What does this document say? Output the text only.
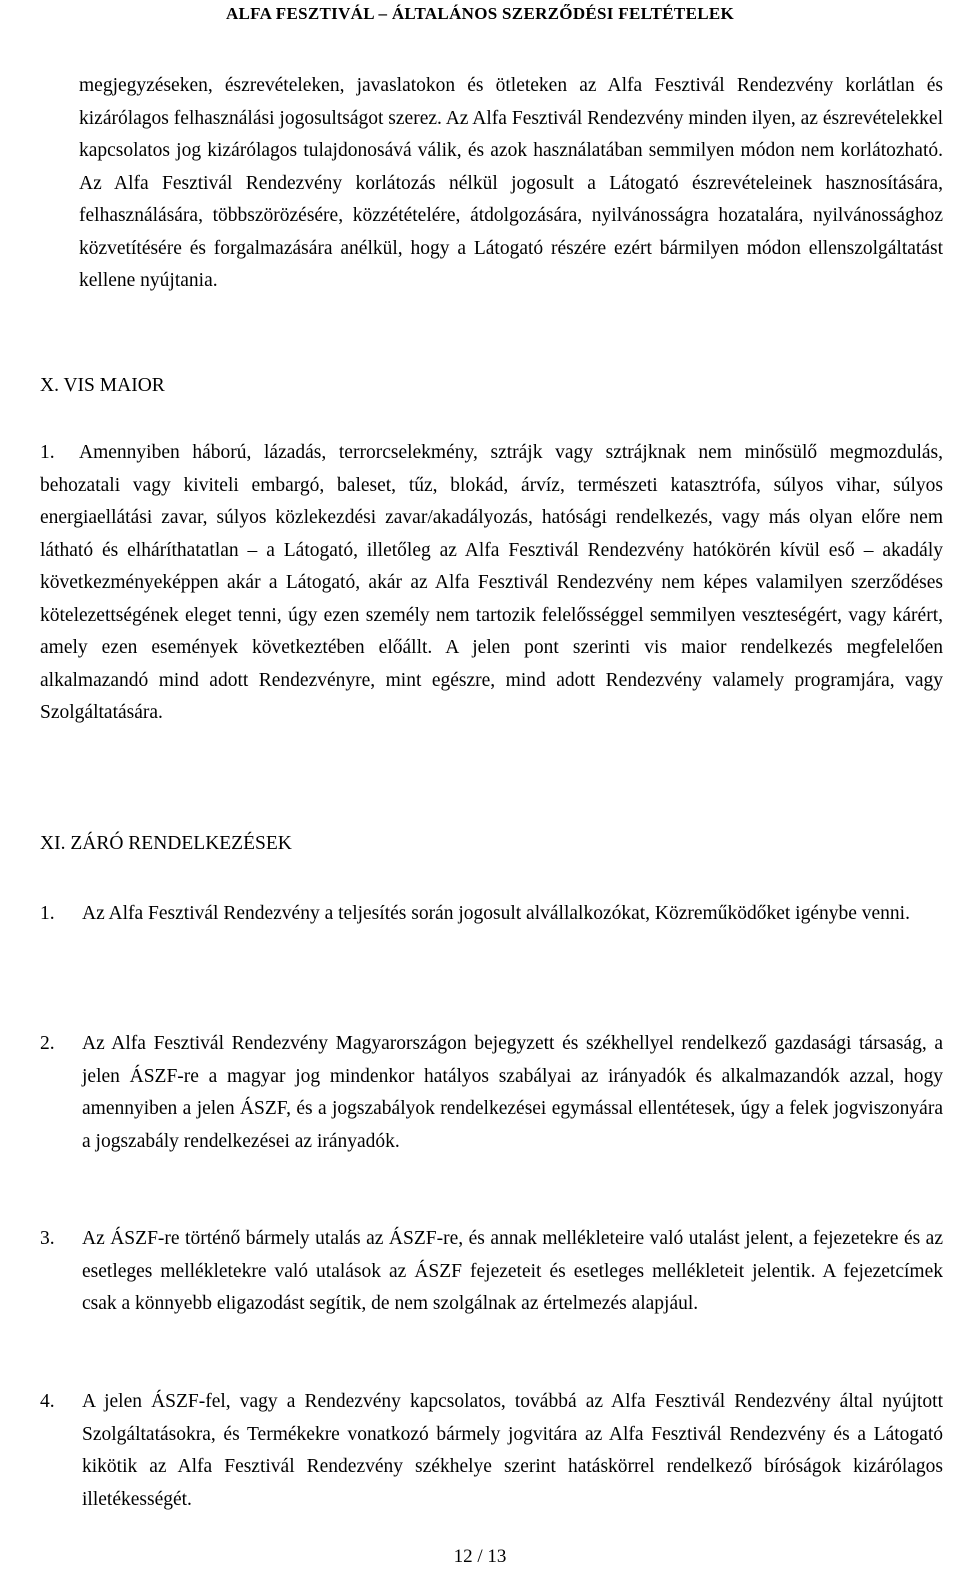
ALFA FESZTIVÁL – ÁLTALÁNOS SZERZŐDÉSI FELTÉTELEK
megjegyzéseken, észrevételeken, javaslatokon és ötleteken az Alfa Fesztivál Rendezvény korlátlan és kizárólagos felhasználási jogosultságot szerez. Az Alfa Fesztivál Rendezvény minden ilyen, az észrevételekkel kapcsolatos jog kizárólagos tulajdonosává válik, és azok használatában semmilyen módon nem korlátozható. Az Alfa Fesztivál Rendezvény korlátozás nélkül jogosult a Látogató észrevételeinek hasznosítására, felhasználására, többszörözésére, közzétételére, átdolgozására, nyilvánosságra hozatalára, nyilvánossághoz közvetítésére és forgalmazására anélkül, hogy a Látogató részére ezért bármilyen módon ellenszolgáltatást kellene nyújtania.
X. VIS MAIOR
1. Amennyiben háború, lázadás, terrorcselekmény, sztrájk vagy sztrájknak nem minősülő megmozdulás, behozatali vagy kiviteli embargó, baleset, tűz, blokád, árvíz, természeti katasztrófa, súlyos vihar, súlyos energiaellátási zavar, súlyos közlekezdési zavar/akadályozás, hatósági rendelkezés, vagy más olyan előre nem látható és elháríthatatlan – a Látogató, illetőleg az Alfa Fesztivál Rendezvény hatókörén kívül eső – akadály következményeképpen akár a Látogató, akár az Alfa Fesztivál Rendezvény nem képes valamilyen szerződéses kötelezettségének eleget tenni, úgy ezen személy nem tartozik felelősséggel semmilyen veszteségért, vagy kárért, amely ezen események következtében előállt. A jelen pont szerinti vis maior rendelkezés megfelelően alkalmazandó mind adott Rendezvényre, mint egészre, mind adott Rendezvény valamely programjára, vagy Szolgáltatására.
XI. ZÁRÓ RENDELKEZÉSEK
1.	Az Alfa Fesztivál Rendezvény a teljesítés során jogosult alvállalkozókat, Közreműködőket igénybe venni.
2.	Az Alfa Fesztivál Rendezvény Magyarországon bejegyzett és székhellyel rendelkező gazdasági társaság, a jelen ÁSZF-re a magyar jog mindenkor hatályos szabályai az irányadók és alkalmazandók azzal, hogy amennyiben a jelen ÁSZF, és a jogszabályok rendelkezései egymással ellentétesek, úgy a felek jogviszonyára a jogszabály rendelkezései az irányadók.
3.	Az ÁSZF-re történő bármely utalás az ÁSZF-re, és annak mellékleteire való utalást jelent, a fejezetekre és az esetleges mellékletekre való utalások az ÁSZF fejezeteit és esetleges mellékleteit jelentik. A fejezetcímek csak a könnyebb eligazodást segítik, de nem szolgálnak az értelmezés alapjául.
4.	A jelen ÁSZF-fel, vagy a Rendezvény kapcsolatos, továbbá az Alfa Fesztivál Rendezvény által nyújtott Szolgáltatásokra, és Termékekre vonatkozó bármely jogvitára az Alfa Fesztivál Rendezvény és a Látogató kikötik az Alfa Fesztivál Rendezvény székhelye szerint hatáskörrel rendelkező bíróságok kizárólagos illetékességét.
12 / 13
